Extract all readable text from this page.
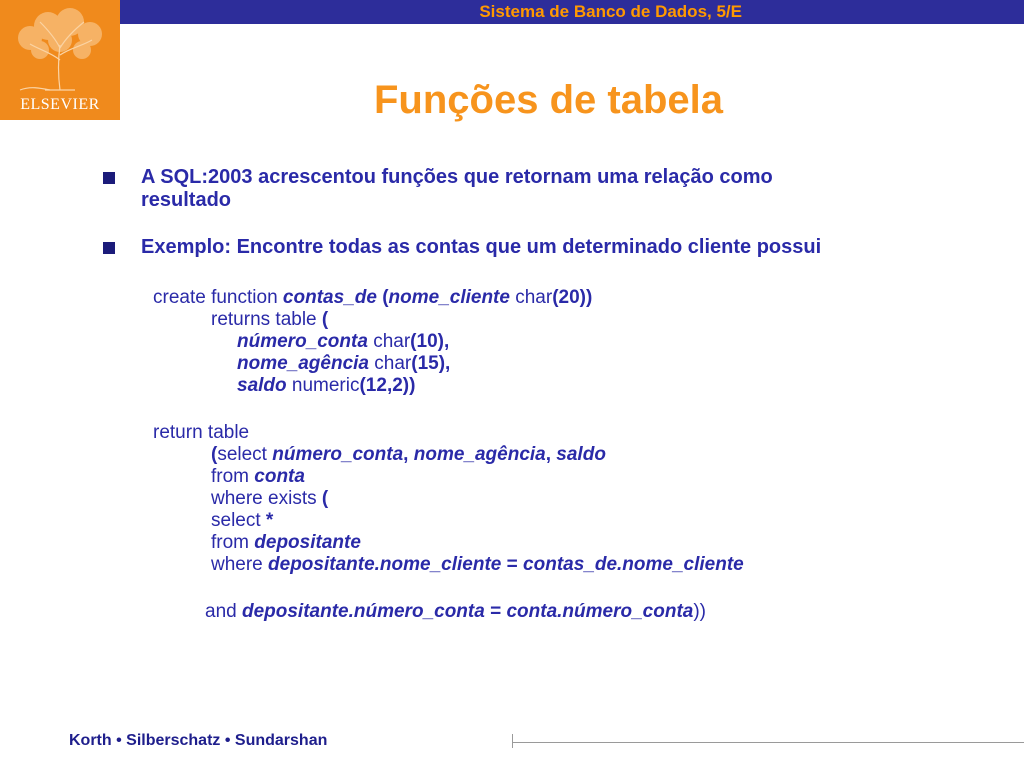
Sistema de Banco de Dados, 5/E
ELSEVIER	Funções de tabela
A SQL:2003 acrescentou funções que retornam uma relação como
resultado
Exemplo: Encontre todas as contas que um determinado cliente possui
create function contas_de (nome_cliente char(20))
returns table (
número_conta char(10),
nome_agência char(15),
saldo numeric(12,2))
return table
(select número_conta, nome_agência, saldo
from conta
where exists (
select *
from depositante
where depositante.nome_cliente = contas_de.nome_cliente
and depositante.número_conta = conta.número_conta))
Korth • Silberschatz • Sundarshan
